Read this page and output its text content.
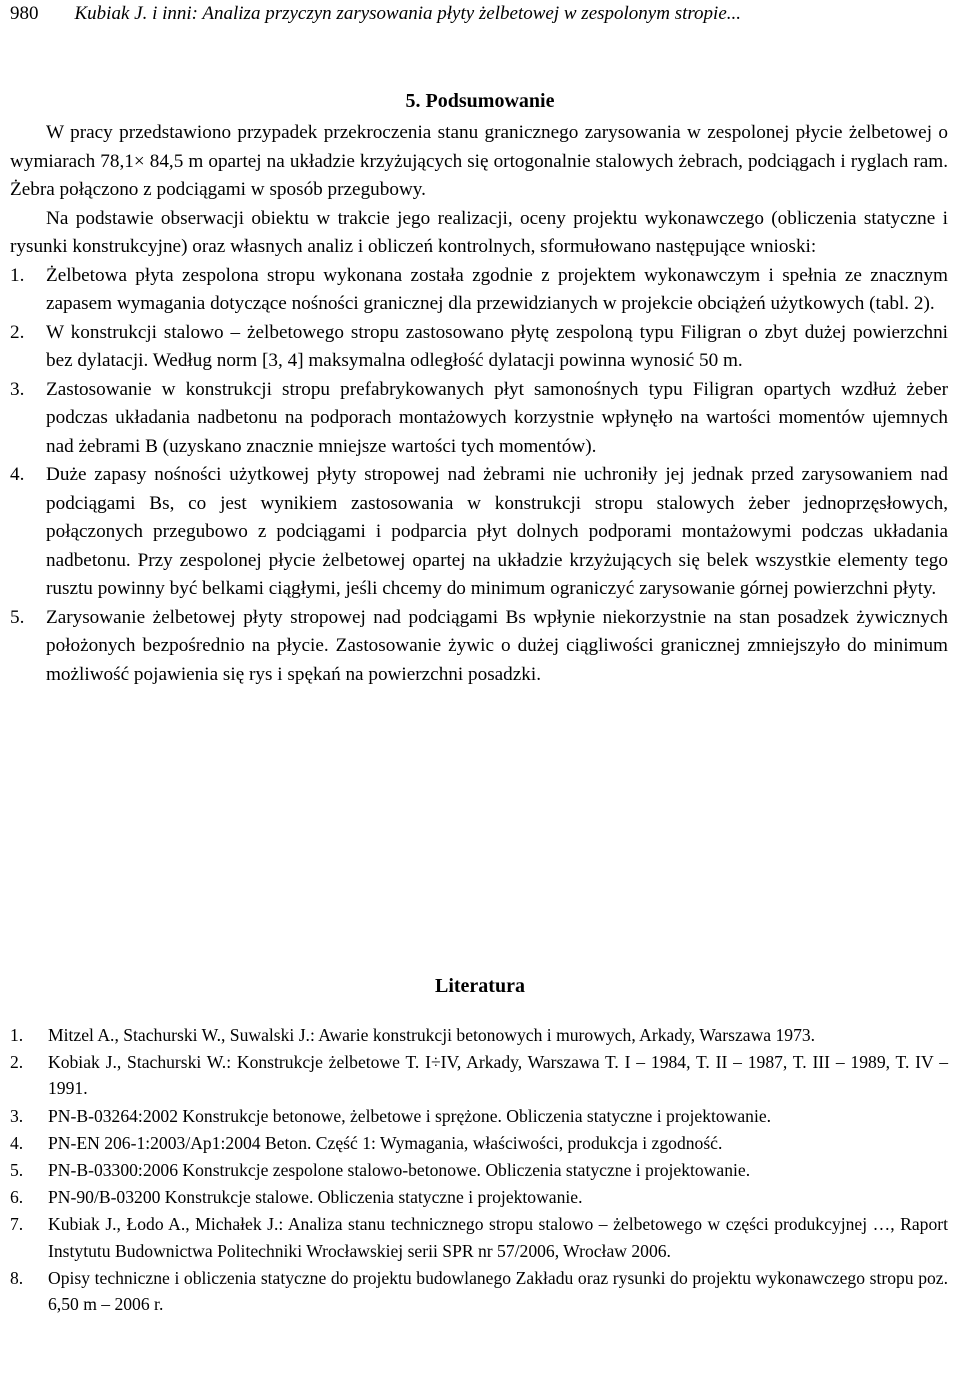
980 Kubiak J. i inni: Analiza przyczyn zarysowania płyty żelbetowej w zespolonym stropie...
5. Podsumowanie

W pracy przedstawiono przypadek przekroczenia stanu granicznego zarysowania w zespolonej płycie żelbetowej o wymiarach 78,1× 84,5 m opartej na układzie krzyżujących się ortogonalnie stalowych żebrach, podciągach i ryglach ram. Żebra połączono z podciągami w sposób przegubowy.

Na podstawie obserwacji obiektu w trakcie jego realizacji, oceny projektu wykonawczego (obliczenia statyczne i rysunki konstrukcyjne) oraz własnych analiz i obliczeń kontrolnych, sformułowano następujące wnioski:

1.	Żelbetowa płyta zespolona stropu wykonana została zgodnie z projektem wykonawczym i spełnia ze znacznym zapasem wymagania dotyczące nośności granicznej dla przewidzianych w projekcie obciążeń użytkowych (tabl. 2).
2.	W konstrukcji stalowo – żelbetowego stropu zastosowano płytę zespoloną typu Filigran o zbyt dużej powierzchni bez dylatacji. Według norm [3, 4] maksymalna odległość dylatacji powinna wynosić 50 m.
3.	Zastosowanie w konstrukcji stropu prefabrykowanych płyt samonośnych typu Filigran opartych wzdłuż żeber podczas układania nadbetonu na podporach montażowych korzystnie wpłynęło na wartości momentów ujemnych nad żebrami B (uzyskano znacznie mniejsze wartości tych momentów).
4.	Duże zapasy nośności użytkowej płyty stropowej nad żebrami nie uchroniły jej jednak przed zarysowaniem nad podciągami Bs, co jest wynikiem zastosowania w konstrukcji stropu stalowych żeber jednoprzęsłowych, połączonych przegubowo z podciągami i podparcia płyt dolnych podporami montażowymi podczas układania nadbetonu. Przy zespolonej płycie żelbetowej opartej na układzie krzyżujących się belek wszystkie elementy tego rusztu powinny być belkami ciągłymi, jeśli chcemy do minimum ograniczyć zarysowanie górnej powierzchni płyty.
5.	Zarysowanie żelbetowej płyty stropowej nad podciągami Bs wpłynie niekorzystnie na stan posadzek żywicznych położonych bezpośrednio na płycie. Zastosowanie żywic o dużej ciągliwości granicznej zmniejszyło do minimum możliwość pojawienia się rys i spękań na powierzchni posadzki.
Literatura
1.	Mitzel A., Stachurski W., Suwalski J.: Awarie konstrukcji betonowych i murowych, Arkady, Warszawa 1973.
2.	Kobiak J., Stachurski W.: Konstrukcje żelbetowe T. I÷IV, Arkady, Warszawa T. I – 1984, T. II – 1987, T. III – 1989, T. IV – 1991.
3.	PN-B-03264:2002 Konstrukcje betonowe, żelbetowe i sprężone. Obliczenia statyczne i projektowanie.
4.	PN-EN 206-1:2003/Ap1:2004 Beton. Część 1: Wymagania, właściwości, produkcja i zgodność.
5.	PN-B-03300:2006 Konstrukcje zespolone stalowo-betonowe. Obliczenia statyczne i projektowanie.
6.	PN-90/B-03200 Konstrukcje stalowe. Obliczenia statyczne i projektowanie.
7.	Kubiak J., Łodo A., Michałek J.: Analiza stanu technicznego stropu stalowo – żelbetowego w części produkcyjnej …, Raport Instytutu Budownictwa Politechniki Wrocławskiej serii SPR nr 57/2006, Wrocław 2006.
8.	Opisy techniczne i obliczenia statyczne do projektu budowlanego Zakładu oraz rysunki do projektu wykonawczego stropu poz. 6,50 m – 2006 r.
